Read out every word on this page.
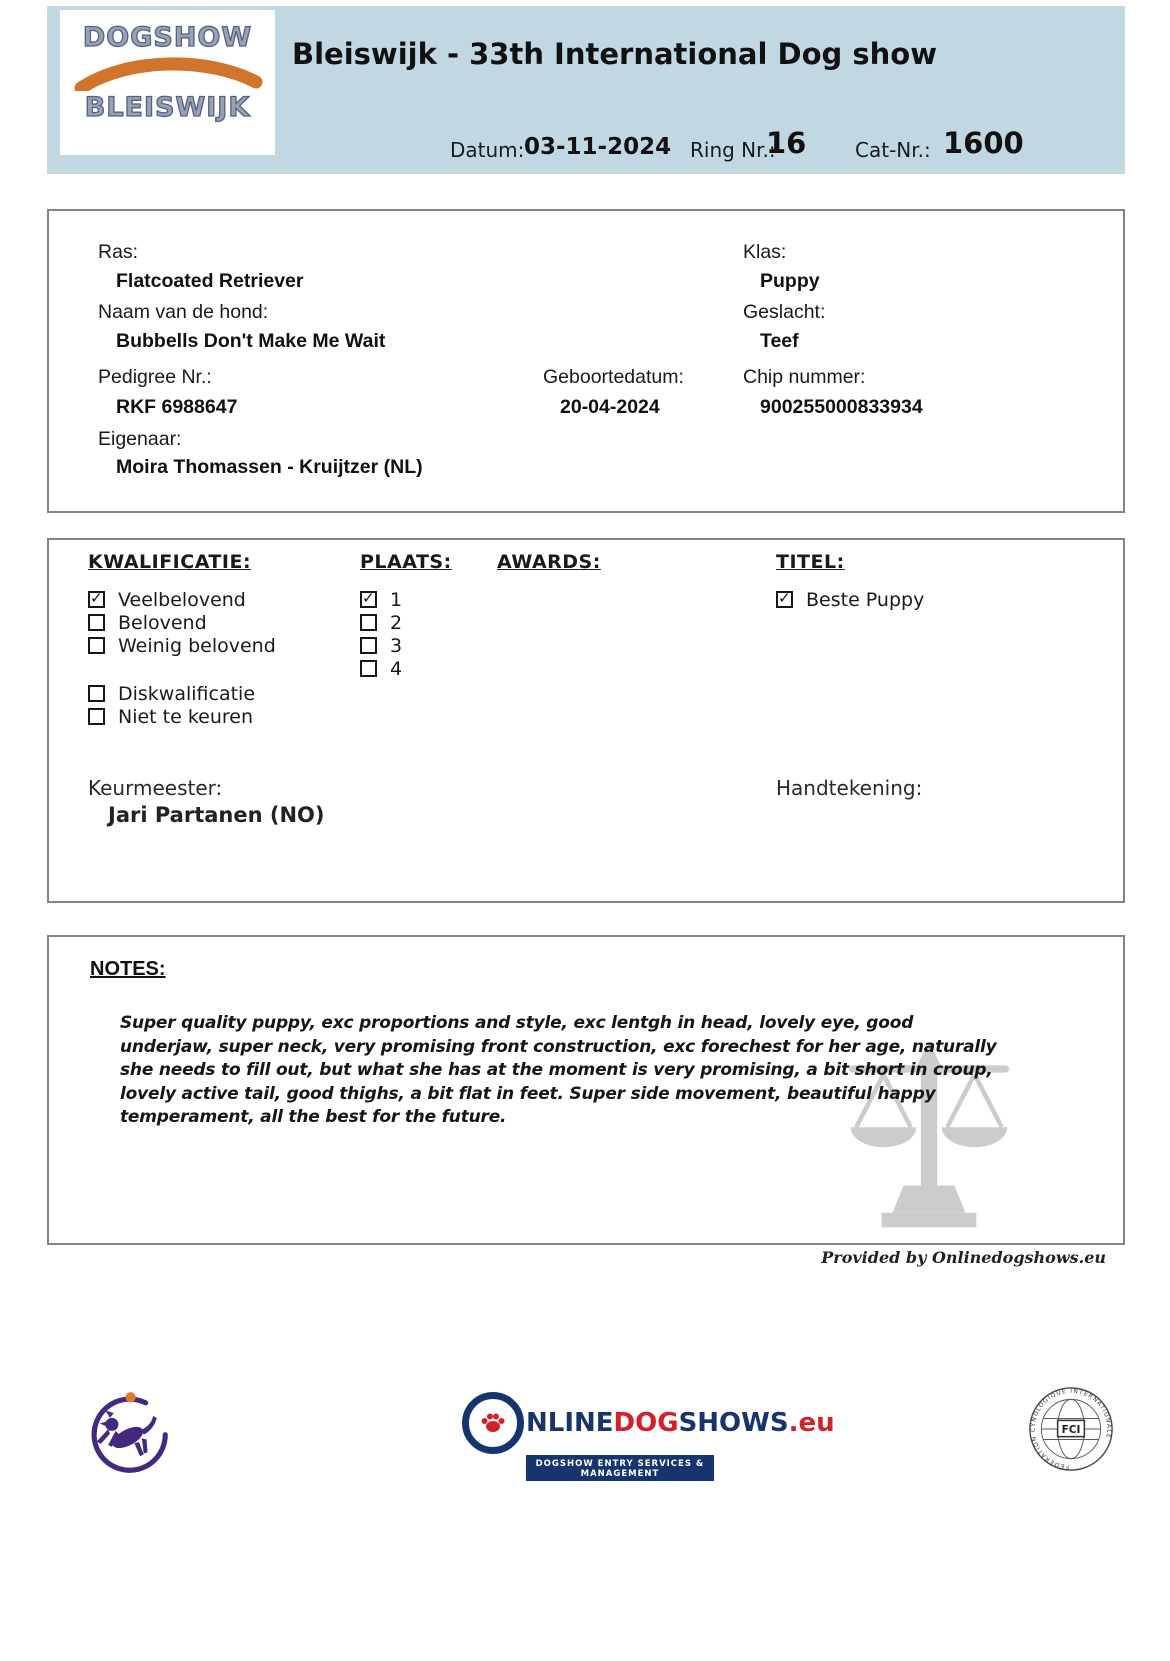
DOGSHOW
BLEISWIJK
Bleiswijk - 33th International Dog show
Datum: 03-11-2024 Ring Nr.:
16 Cat-Nr.: 1600
Ras:
Flatcoated Retriever
Naam van de hond:
Bubbells Don't Make Me Wait
Pedigree Nr.:
RKF 6988647
Eigenaar:
Moira Thomassen - Kruijtzer (NL)
Geboortedatum:
20-04-2024
Klas:
Puppy
Geslacht:
Teef
Chip nummer:
900255000833934
KWALIFICATIE:	PLAATS: AWARDS:	TITEL:
✓
Veelbelovend
Belovend
Weinig belovend
Diskwalificatie
Niet te keuren
✓
1
2
3
4
✓
Beste Puppy
Keurmeester:
Jari Partanen (NO)
Handtekening:
NOTES:
Super quality puppy, exc proportions and style, exc lentgh in head, lovely eye, good underjaw, super neck, very promising front construction, exc forechest for her age, naturally she needs to fill out, but what she has at the moment is very promising, a bit short in croup, lovely active tail, good thighs, a bit flat in feet. Super side movement, beautiful happy temperament, all the best for the future.
Provided by Onlinedogshows.eu
NLINEDOGSHOWS.eu
DOGSHOW ENTRY SERVICES & MANAGEMENT
FEDERATION CYNOLOGIQUE INTERNATIONALE
FCI
